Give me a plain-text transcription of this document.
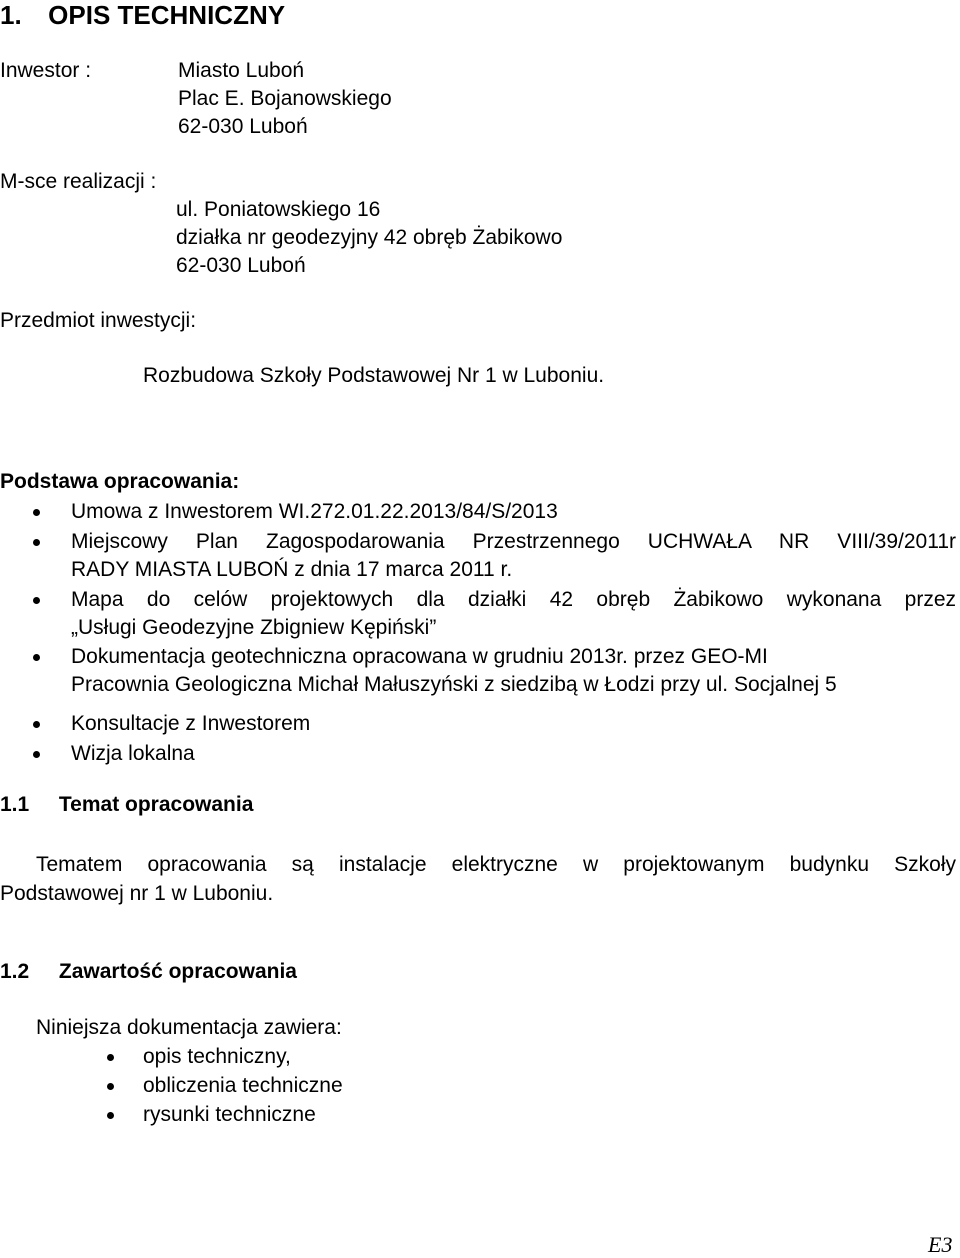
1. OPIS TECHNICZNY
Inwestor :	Miasto Luboń
Plac E. Bojanowskiego
62-030 Luboń
M-sce realizacji :
ul. Poniatowskiego 16
działka nr geodezyjny 42 obręb Żabikowo
62-030 Luboń
Przedmiot inwestycji:
Rozbudowa Szkoły Podstawowej Nr 1 w Luboniu.
Podstawa opracowania:
Umowa z Inwestorem WI.272.01.22.2013/84/S/2013
Miejscowy Plan Zagospodarowania Przestrzennego UCHWAŁA NR VIII/39/2011r
RADY MIASTA LUBOŃ z dnia 17 marca 2011 r.
Mapa do celów projektowych dla działki 42 obręb Żabikowo wykonana przez
„Usługi Geodezyjne Zbigniew Kępiński”
Dokumentacja geotechniczna opracowana w grudniu 2013r. przez GEO-MI
Pracownia Geologiczna Michał Małuszyński z siedzibą w Łodzi przy ul. Socjalnej 5
Konsultacje z Inwestorem
Wizja lokalna
1.1 Temat opracowania
Tematem opracowania są instalacje elektryczne w projektowanym budynku Szkoły
Podstawowej nr 1 w Luboniu.
1.2 Zawartość opracowania
Niniejsza dokumentacja zawiera:
opis techniczny,
obliczenia techniczne
rysunki techniczne
E3
